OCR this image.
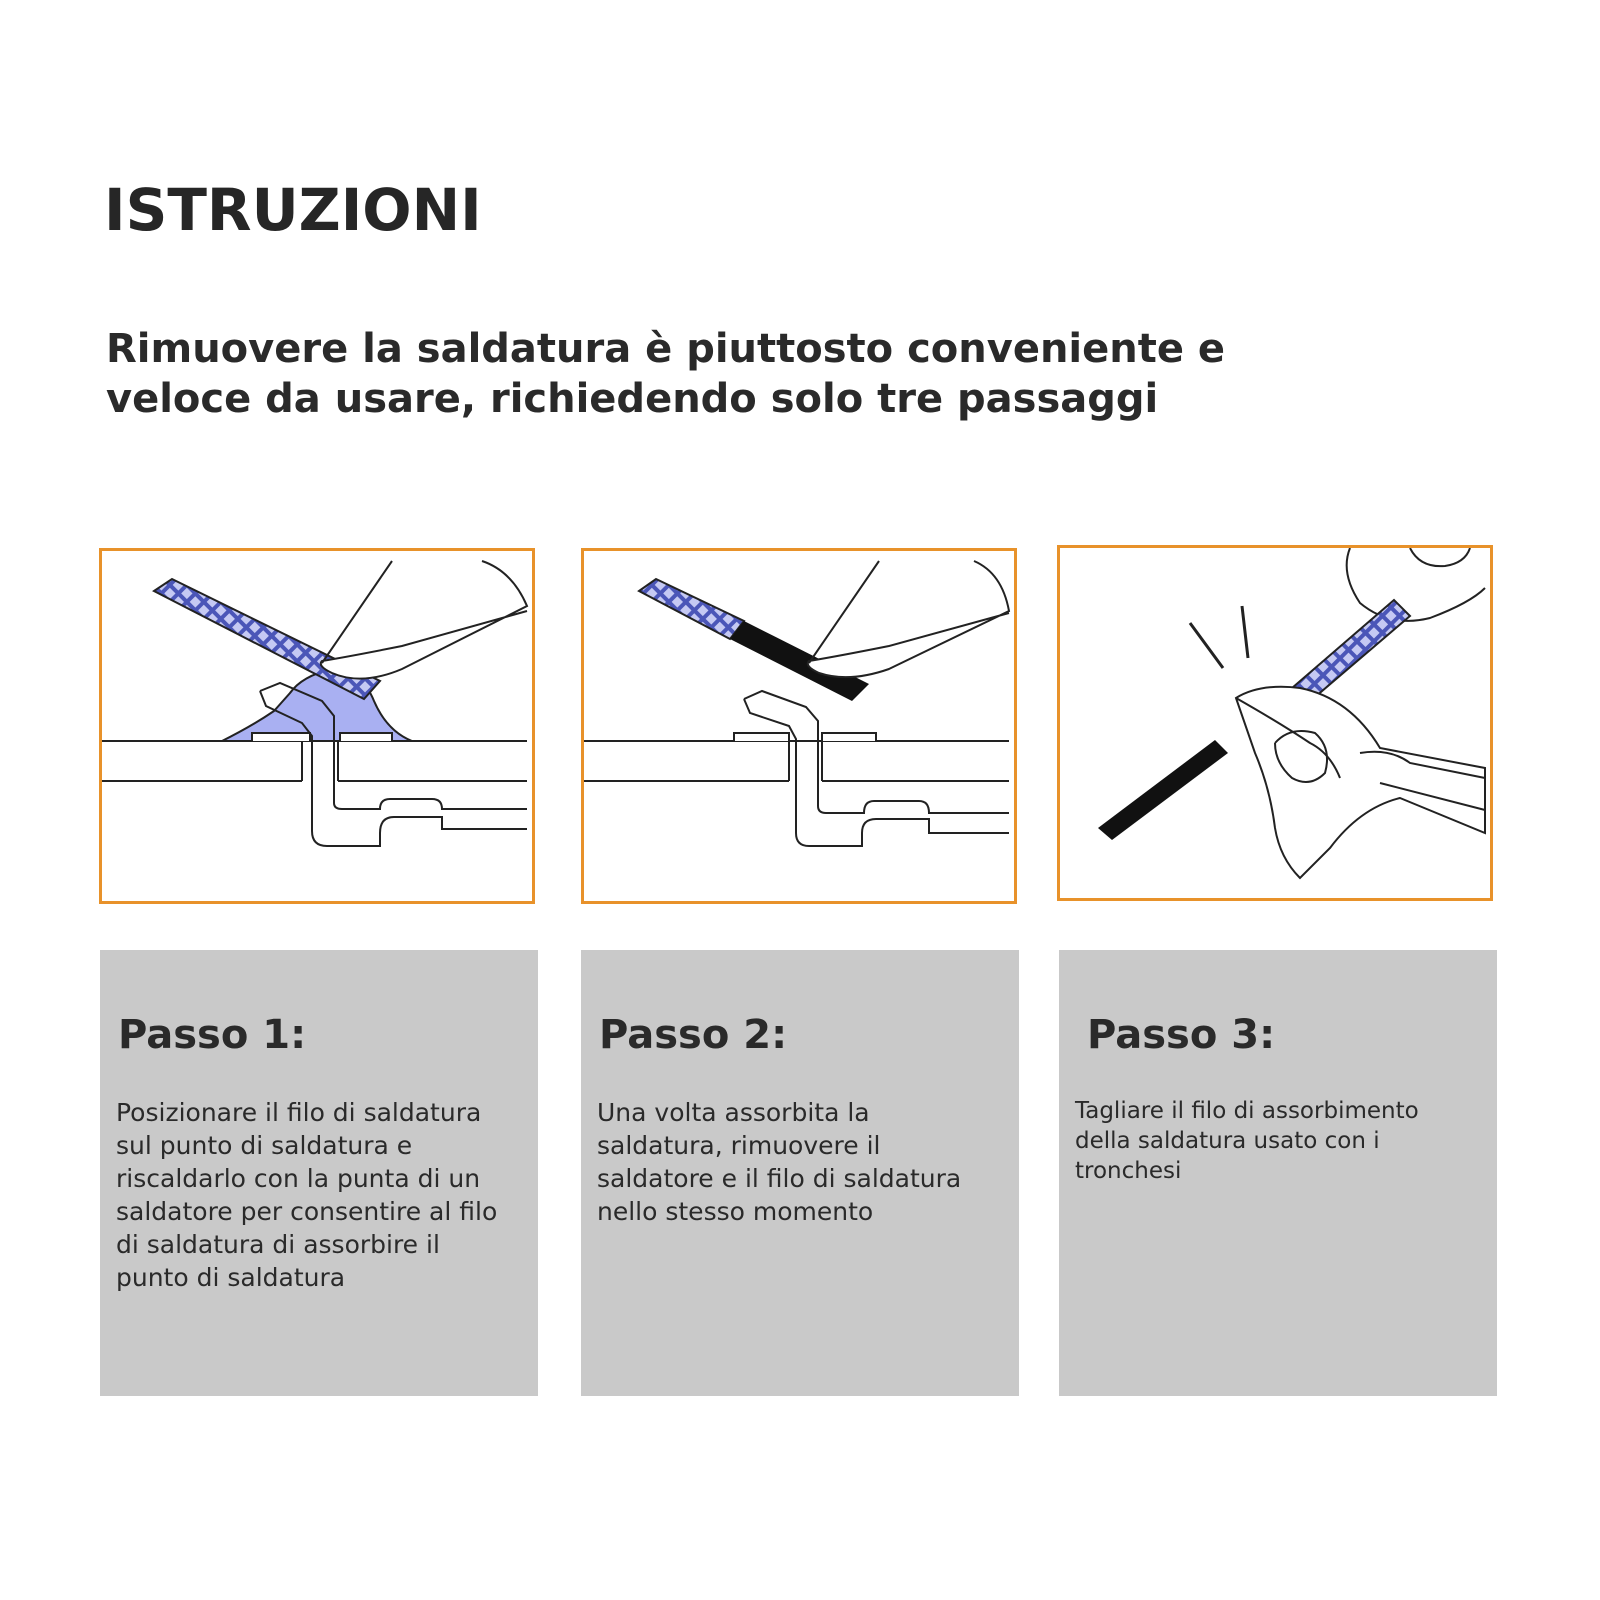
ISTRUZIONI
Rimuovere la saldatura è piuttosto conveniente e
veloce da usare, richiedendo solo tre passaggi
Passo 1:

Posizionare il filo di saldatura sul punto di saldatura e riscaldarlo con la punta di un saldatore per consentire al filo di saldatura di assorbire il punto di saldatura

Passo 2:

Una volta assorbita la saldatura, rimuovere il saldatore e il filo di saldatura nello stesso momento

Passo 3:

Tagliare il filo di assorbimento della saldatura usato con i tronchesi
